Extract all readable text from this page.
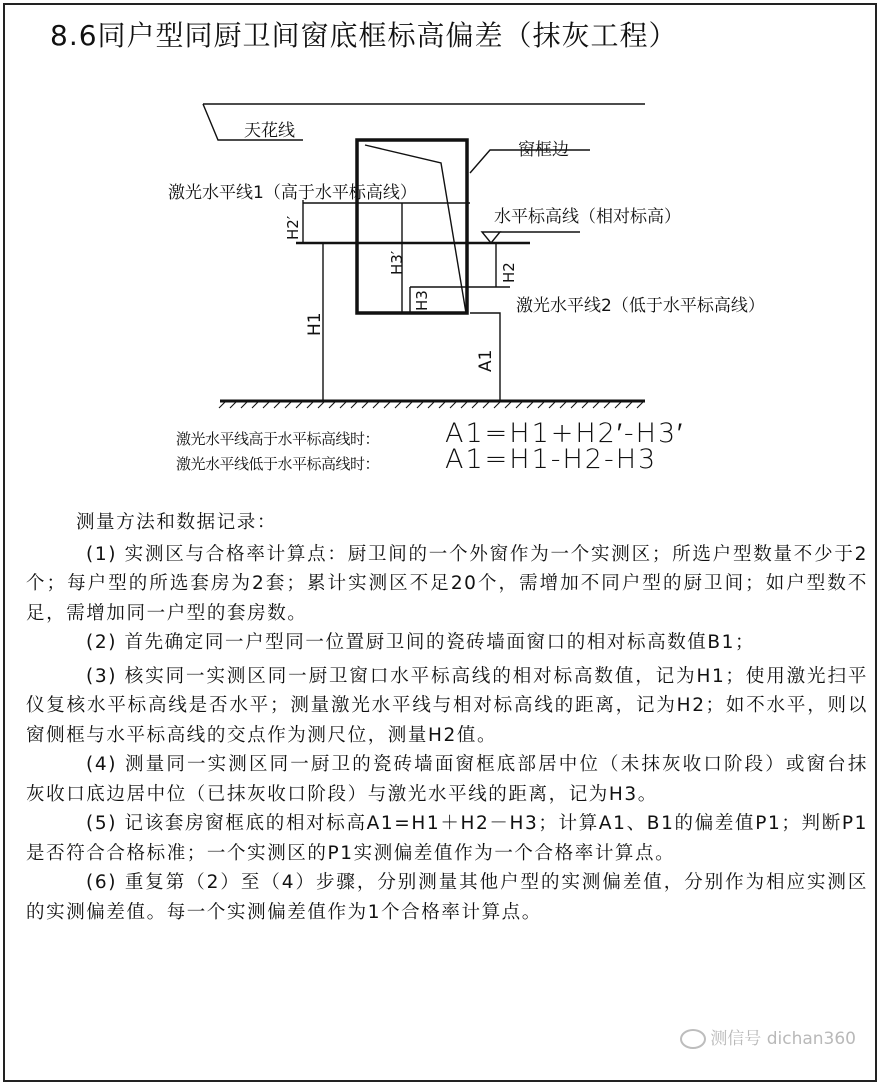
8.6同户型同厨卫间窗底框标高偏差（抹灰工程）
天花线
窗框边
激光水平线1（高于水平标高线）
水平标高线（相对标高）
激光水平线2（低于水平标高线）
H1
H2′
H3′	H2
H3
A1
激光水平线高于水平标高线时： A1=H1+H2′-H3′
激光水平线低于水平标高线时： A1=H1-H2-H3

测量方法和数据记录：

(1) 实测区与合格率计算点：厨卫间的一个外窗作为一个实测区；所选户型数量不少于2个；每户型的所选套房为2套；累计实测区不足20个，需增加不同户型的厨卫间；如户型数不足，需增加同一户型的套房数。

(2) 首先确定同一户型同一位置厨卫间的瓷砖墙面窗口的相对标高数值B1；

(3) 核实同一实测区同一厨卫窗口水平标高线的相对标高数值，记为H1；使用激光扫平仪复核水平标高线是否水平；测量激光水平线与相对标高线的距离，记为H2；如不水平，则以窗侧框与水平标高线的交点作为测尺位，测量H2值。

(4) 测量同一实测区同一厨卫的瓷砖墙面窗框底部居中位（未抹灰收口阶段）或窗台抹灰收口底边居中位（已抹灰收口阶段）与激光水平线的距离，记为H3。

(5) 记该套房窗框底的相对标高A1=H1＋H2－H3；计算A1、B1的偏差值P1；判断P1是否符合合格标准；一个实测区的P1实测偏差值作为一个合格率计算点。

(6) 重复第（2）至（4）步骤，分别测量其他户型的实测偏差值，分别作为相应实测区的实测偏差值。每一个实测偏差值作为1个合格率计算点。

测信号 dichan360
